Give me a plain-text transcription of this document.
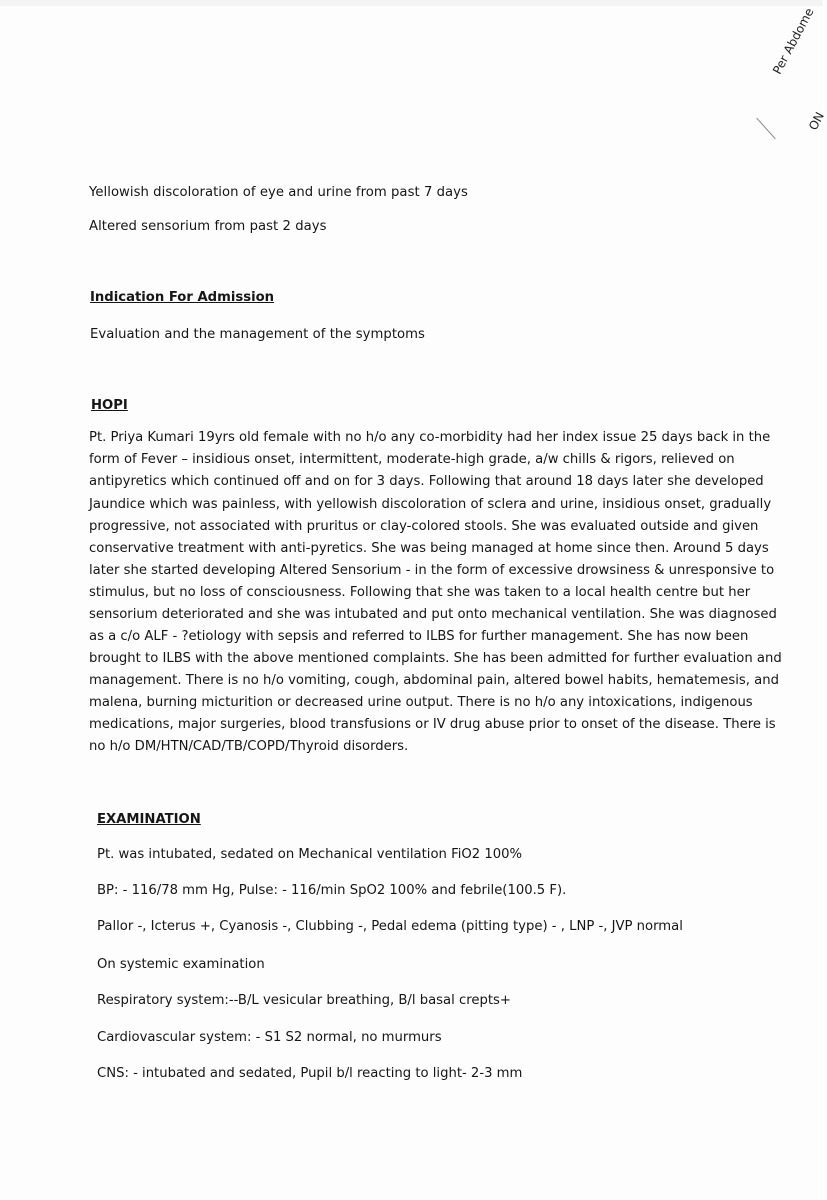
Per Abdome
ON
Yellowish discoloration of eye and urine from past 7 days
Altered sensorium from past 2 days
Indication For Admission
Evaluation and the management of the symptoms
HOPI
Pt. Priya Kumari 19yrs old female with no h/o any co-morbidity had her index issue 25 days back in the
form of Fever – insidious onset, intermittent, moderate-high grade, a/w chills & rigors, relieved on
antipyretics which continued off and on for 3 days. Following that around 18 days later she developed
Jaundice which was painless, with yellowish discoloration of sclera and urine, insidious onset, gradually
progressive, not associated with pruritus or clay-colored stools. She was evaluated outside and given
conservative treatment with anti-pyretics. She was being managed at home since then. Around 5 days
later she started developing Altered Sensorium - in the form of excessive drowsiness & unresponsive to
stimulus, but no loss of consciousness. Following that she was taken to a local health centre but her
sensorium deteriorated and she was intubated and put onto mechanical ventilation. She was diagnosed
as a c/o ALF - ?etiology with sepsis and referred to ILBS for further management. She has now been
brought to ILBS with the above mentioned complaints. She has been admitted for further evaluation and
management. There is no h/o vomiting, cough, abdominal pain, altered bowel habits, hematemesis, and
malena, burning micturition or decreased urine output. There is no h/o any intoxications, indigenous
medications, major surgeries, blood transfusions or IV drug abuse prior to onset of the disease. There is
no h/o DM/HTN/CAD/TB/COPD/Thyroid disorders.
EXAMINATION
Pt. was intubated, sedated on Mechanical ventilation FiO2 100%
BP: - 116/78 mm Hg, Pulse: - 116/min SpO2 100% and febrile(100.5 F).
Pallor -, Icterus +, Cyanosis -, Clubbing -, Pedal edema (pitting type) - , LNP -, JVP normal
On systemic examination
Respiratory system:--B/L vesicular breathing, B/l basal crepts+
Cardiovascular system: - S1 S2 normal, no murmurs
CNS: - intubated and sedated, Pupil b/l reacting to light- 2-3 mm
